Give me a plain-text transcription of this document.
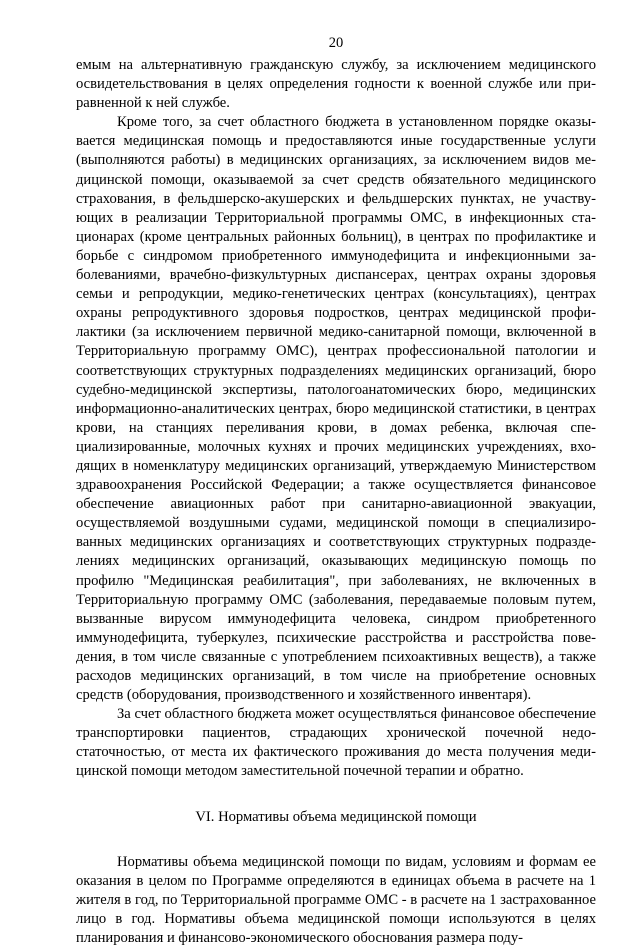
20

емым на альтернативную гражданскую службу, за исключением медицинского освидетельствования в целях определения годности к военной службе или приравненной к ней службе.

Кроме того, за счет областного бюджета в установленном порядке оказывается медицинская помощь и предоставляются иные государственные услуги (выполняются работы) в медицинских организациях, за исключением видов медицинской помощи, оказываемой за счет средств обязательного медицинского страхования, в фельдшерско-акушерских и фельдшерских пунктах, не участвующих в реализации Территориальной программы ОМС, в инфекционных стационарах (кроме центральных районных больниц), в центрах по профилактике и борьбе с синдромом приобретенного иммунодефицита и инфекционными заболеваниями, врачебно-физкультурных диспансерах, центрах охраны здоровья семьи и репродукции, медико-генетических центрах (консультациях), центрах охраны репродуктивного здоровья подростков, центрах медицинской профилактики (за исключением первичной медико-санитарной помощи, включенной в Территориальную программу ОМС), центрах профессиональной патологии и соответствующих структурных подразделениях медицинских организаций, бюро судебно-медицинской экспертизы, патологоанатомических бюро, медицинских информационно-аналитических центрах, бюро медицинской статистики, в центрах крови, на станциях переливания крови, в домах ребенка, включая специализированные, молочных кухнях и прочих медицинских учреждениях, входящих в номенклатуру медицинских организаций, утверждаемую Министерством здравоохранения Российской Федерации; а также осуществляется финансовое обеспечение авиационных работ при санитарно-авиационной эвакуации, осуществляемой воздушными судами, медицинской помощи в специализированных медицинских организациях и соответствующих структурных подразделениях медицинских организаций, оказывающих медицинскую помощь по профилю "Медицинская реабилитация", при заболеваниях, не включенных в Территориальную программу ОМС (заболевания, передаваемые половым путем, вызванные вирусом иммунодефицита человека, синдром приобретенного иммунодефицита, туберкулез, психические расстройства и расстройства поведения, в том числе связанные с употреблением психоактивных веществ), а также расходов медицинских организаций, в том числе на приобретение основных средств (оборудования, производственного и хозяйственного инвентаря).

За счет областного бюджета может осуществляться финансовое обеспечение транспортировки пациентов, страдающих хронической почечной недостаточностью, от места их фактического проживания до места получения медицинской помощи методом заместительной почечной терапии и обратно.

VI. Нормативы объема медицинской помощи

Нормативы объема медицинской помощи по видам, условиям и формам ее оказания в целом по Программе определяются в единицах объема в расчете на 1 жителя в год, по Территориальной программе ОМС - в расчете на 1 застрахованное лицо в год. Нормативы объема медицинской помощи используются в целях планирования и финансово-экономического обоснования размера поду-
